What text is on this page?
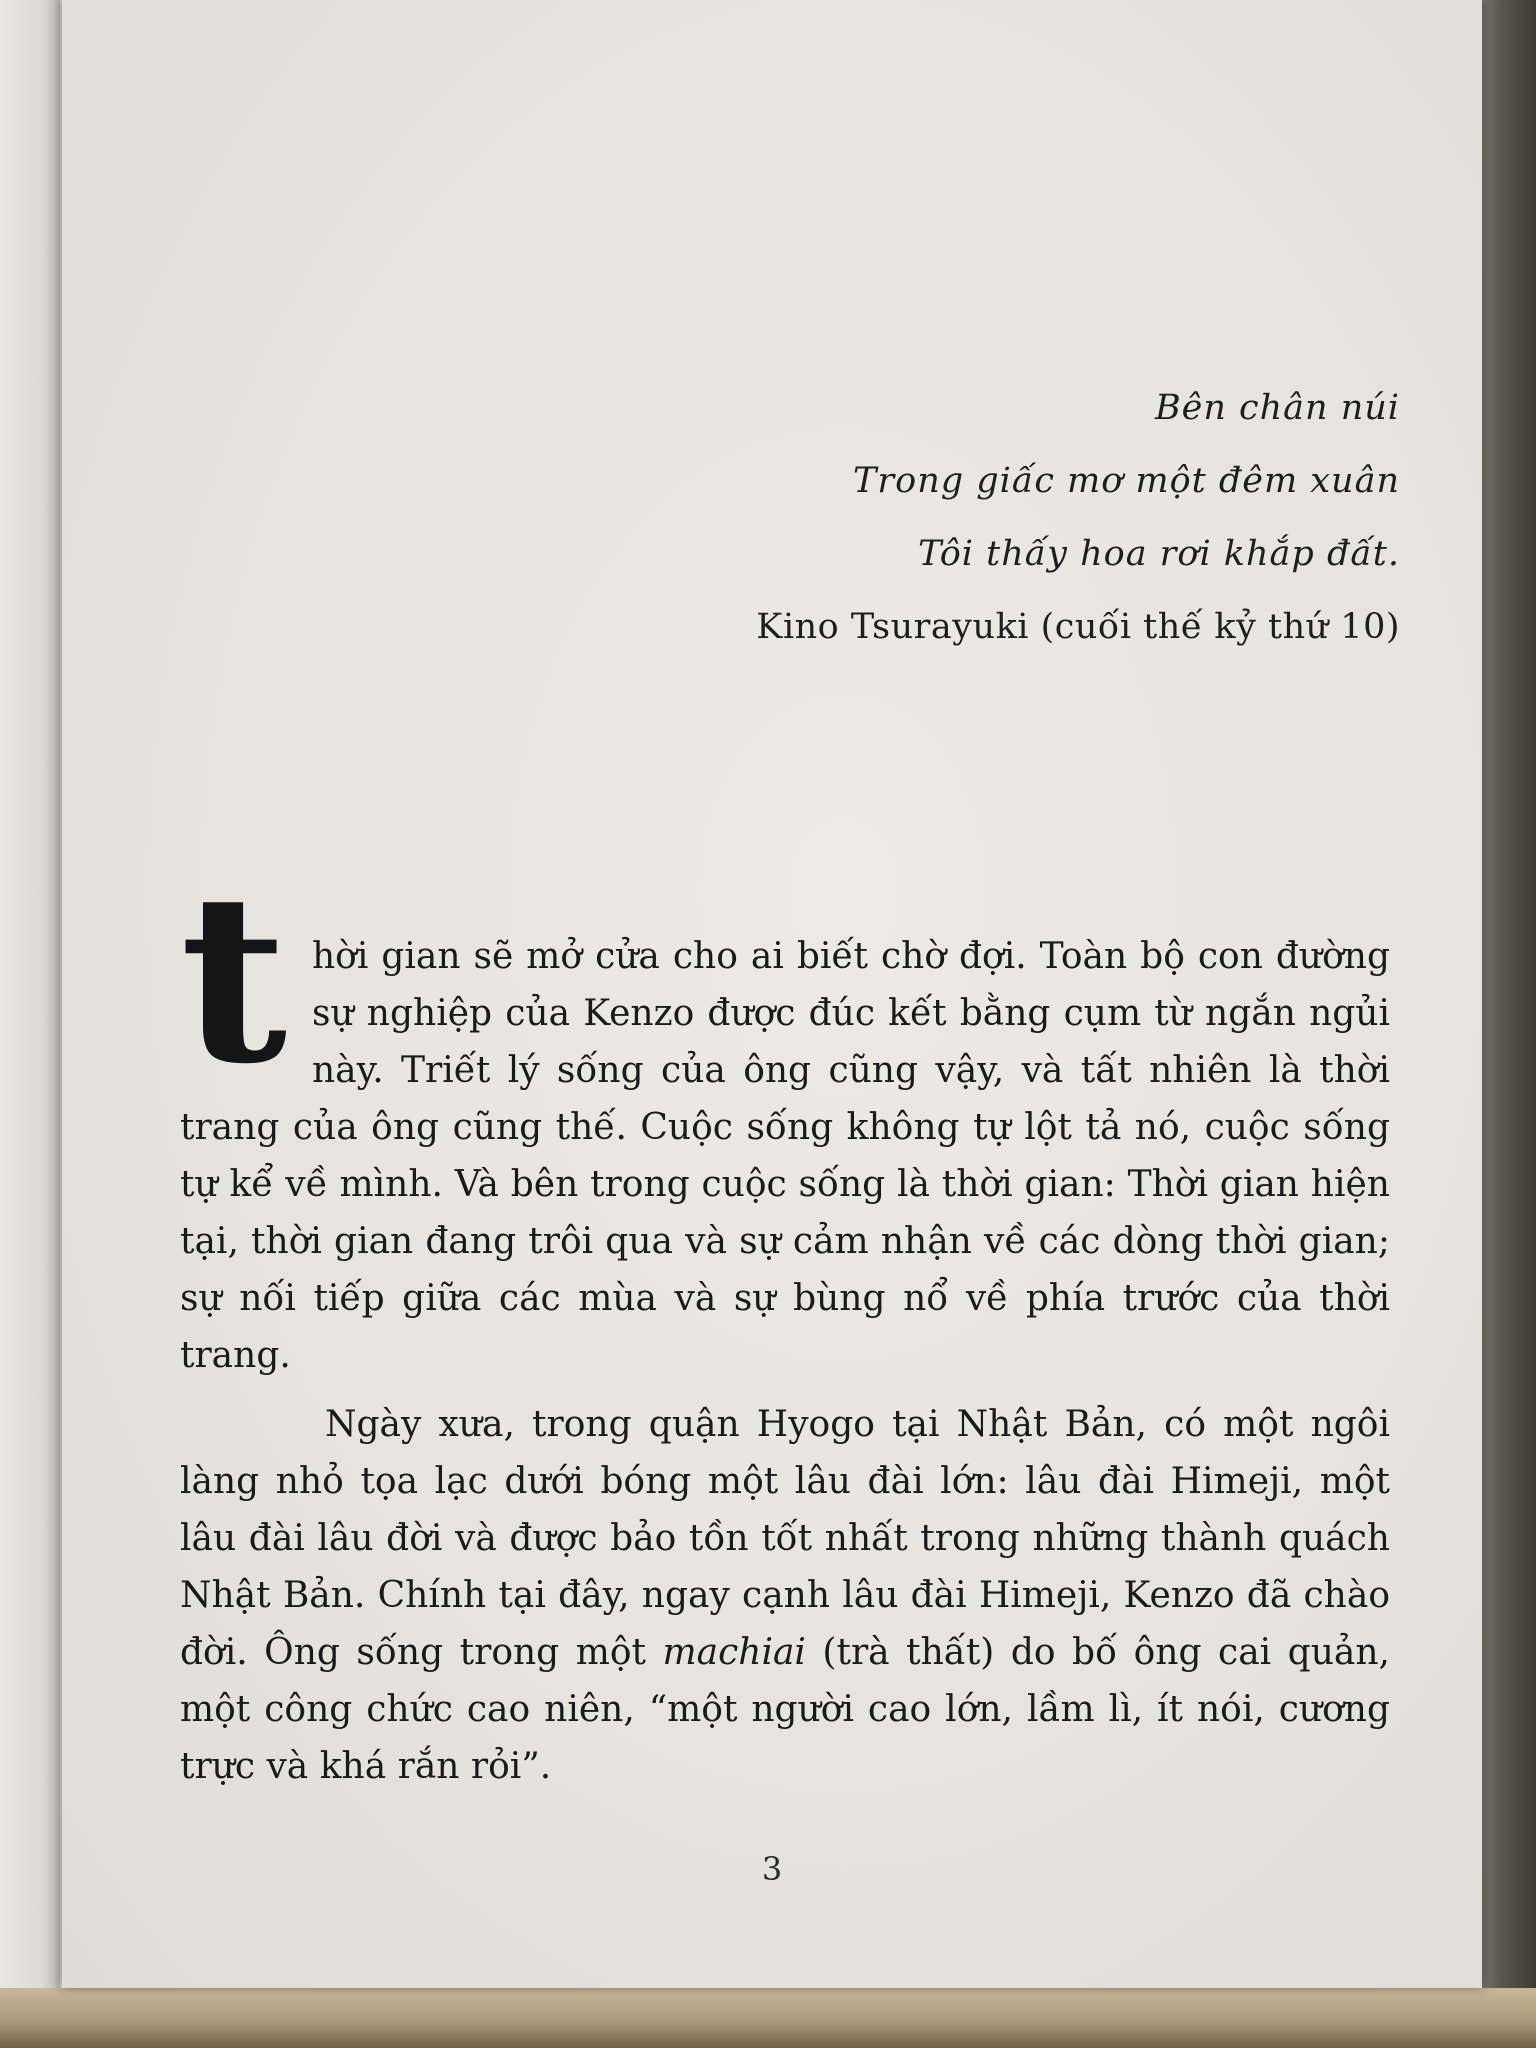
Bên chân núi
Trong giấc mơ một đêm xuân
Tôi thấy hoa rơi khắp đất.
Kino Tsurayuki (cuối thế kỷ thứ 10)

thời gian sẽ mở cửa cho ai biết chờ đợi. Toàn bộ con đường sự nghiệp của Kenzo được đúc kết bằng cụm từ ngắn ngủi này. Triết lý sống của ông cũng vậy, và tất nhiên là thời trang của ông cũng thế. Cuộc sống không tự lột tả nó, cuộc sống tự kể về mình. Và bên trong cuộc sống là thời gian: Thời gian hiện tại, thời gian đang trôi qua và sự cảm nhận về các dòng thời gian; sự nối tiếp giữa các mùa và sự bùng nổ về phía trước của thời trang.

Ngày xưa, trong quận Hyogo tại Nhật Bản, có một ngôi làng nhỏ tọa lạc dưới bóng một lâu đài lớn: lâu đài Himeji, một lâu đài lâu đời và được bảo tồn tốt nhất trong những thành quách Nhật Bản. Chính tại đây, ngay cạnh lâu đài Himeji, Kenzo đã chào đời. Ông sống trong một machiai (trà thất) do bố ông cai quản, một công chức cao niên, “một người cao lớn, lầm lì, ít nói, cương trực và khá rắn rỏi”.

3
